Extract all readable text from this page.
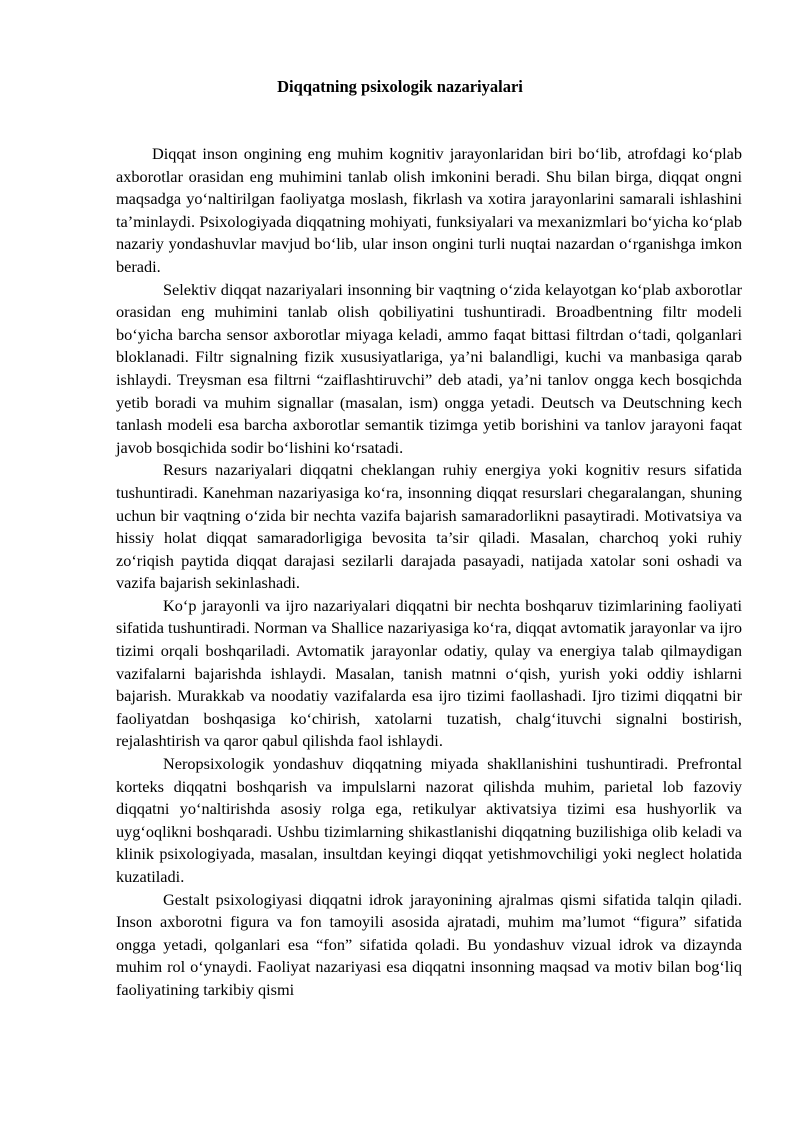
Diqqatning psixologik nazariyalari

Diqqat inson ongining eng muhim kognitiv jarayonlaridan biri bo‘lib, atrofdagi ko‘plab axborotlar orasidan eng muhimini tanlab olish imkonini beradi. Shu bilan birga, diqqat ongni maqsadga yo‘naltirilgan faoliyatga moslash, fikrlash va xotira jarayonlarini samarali ishlashini ta’minlaydi. Psixologiyada diqqatning mohiyati, funksiyalari va mexanizmlari bo‘yicha ko‘plab nazariy yondashuvlar mavjud bo‘lib, ular inson ongini turli nuqtai nazardan o‘rganishga imkon beradi.

Selektiv diqqat nazariyalari insonning bir vaqtning o‘zida kelayotgan ko‘plab axborotlar orasidan eng muhimini tanlab olish qobiliyatini tushuntiradi. Broadbentning filtr modeli bo‘yicha barcha sensor axborotlar miyaga keladi, ammo faqat bittasi filtrdan o‘tadi, qolganlari bloklanadi. Filtr signalning fizik xususiyatlariga, ya’ni balandligi, kuchi va manbasiga qarab ishlaydi. Treysman esa filtrni “zaiflashtiruvchi” deb atadi, ya’ni tanlov ongga kech bosqichda yetib boradi va muhim signallar (masalan, ism) ongga yetadi. Deutsch va Deutschning kech tanlash modeli esa barcha axborotlar semantik tizimga yetib borishini va tanlov jarayoni faqat javob bosqichida sodir bo‘lishini ko‘rsatadi.

Resurs nazariyalari diqqatni cheklangan ruhiy energiya yoki kognitiv resurs sifatida tushuntiradi. Kanehman nazariyasiga ko‘ra, insonning diqqat resurslari chegaralangan, shuning uchun bir vaqtning o‘zida bir nechta vazifa bajarish samaradorlikni pasaytiradi. Motivatsiya va hissiy holat diqqat samaradorligiga bevosita ta’sir qiladi. Masalan, charchoq yoki ruhiy zo‘riqish paytida diqqat darajasi sezilarli darajada pasayadi, natijada xatolar soni oshadi va vazifa bajarish sekinlashadi.

Ko‘p jarayonli va ijro nazariyalari diqqatni bir nechta boshqaruv tizimlarining faoliyati sifatida tushuntiradi. Norman va Shallice nazariyasiga ko‘ra, diqqat avtomatik jarayonlar va ijro tizimi orqali boshqariladi. Avtomatik jarayonlar odatiy, qulay va energiya talab qilmaydigan vazifalarni bajarishda ishlaydi. Masalan, tanish matnni o‘qish, yurish yoki oddiy ishlarni bajarish. Murakkab va noodatiy vazifalarda esa ijro tizimi faollashadi. Ijro tizimi diqqatni bir faoliyatdan boshqasiga ko‘chirish, xatolarni tuzatish, chalg‘ituvchi signalni bostirish, rejalashtirish va qaror qabul qilishda faol ishlaydi.

Neropsixologik yondashuv diqqatning miyada shakllanishini tushuntiradi. Prefrontal korteks diqqatni boshqarish va impulslarni nazorat qilishda muhim, parietal lob fazoviy diqqatni yo‘naltirishda asosiy rolga ega, retikulyar aktivatsiya tizimi esa hushyorlik va uyg‘oqlikni boshqaradi. Ushbu tizimlarning shikastlanishi diqqatning buzilishiga olib keladi va klinik psixologiyada, masalan, insultdan keyingi diqqat yetishmovchiligi yoki neglect holatida kuzatiladi.

Gestalt psixologiyasi diqqatni idrok jarayonining ajralmas qismi sifatida talqin qiladi. Inson axborotni figura va fon tamoyili asosida ajratadi, muhim ma’lumot “figura” sifatida ongga yetadi, qolganlari esa “fon” sifatida qoladi. Bu yondashuv vizual idrok va dizaynda muhim rol o‘ynaydi. Faoliyat nazariyasi esa diqqatni insonning maqsad va motiv bilan bog‘liq faoliyatining tarkibiy qismi
